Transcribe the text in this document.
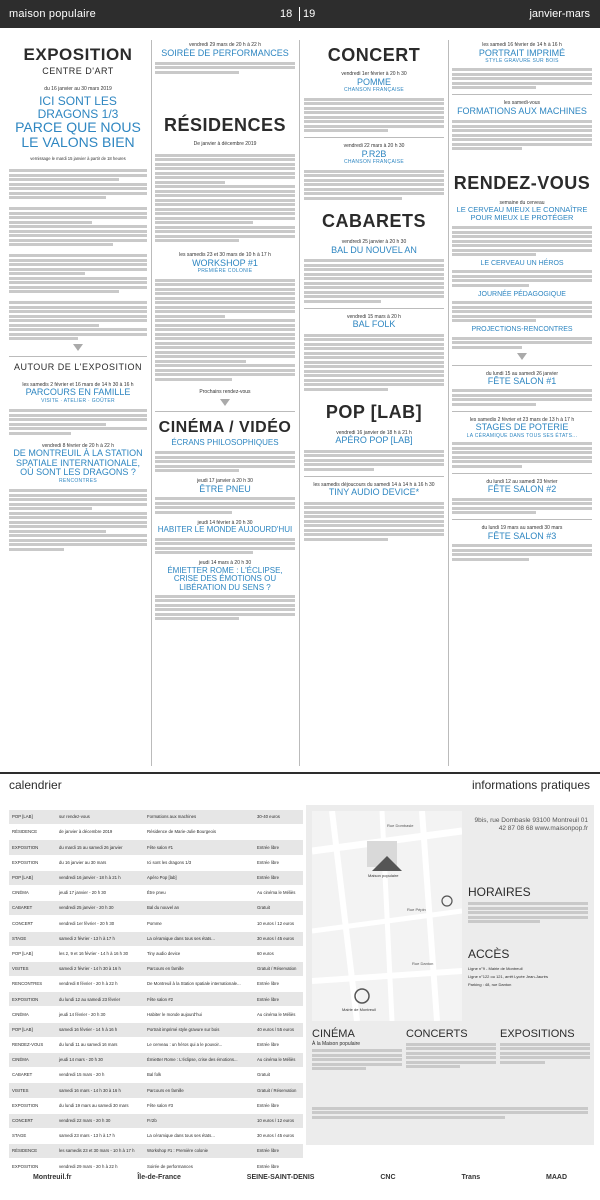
maison populaire	18 19	janvier-mars
EXPOSITION
CENTRE D'ART
du 16 janvier au 30 mars 2019
ICI SONT LES DRAGONS 1/3
PARCE QUE NOUS LE VALONS BIEN
vernissage le mardi 15 janvier à partir de 18 heures
AUTOUR DE L'EXPOSITION
les samedis 2 février et 16 mars de 14 h 30 à 16 h
PARCOURS EN FAMILLE
VISITE · ATELIER · GOÛTER
vendredi 8 février de 20 h à 22 h
DE MONTREUIL À LA STATION SPATIALE INTERNATIONALE, OÙ SONT LES DRAGONS ?
RENCONTRES
vendredi 29 mars de 20 h à 22 h
SOIRÉE DE PERFORMANCES
RÉSIDENCES
De janvier à décembre 2019
les samedis 23 et 30 mars de 10 h à 17 h
WORKSHOP #1
PREMIÈRE COLONIE
Prochains rendez-vous
CINÉMA / VIDÉO
ÉCRANS PHILOSOPHIQUES
jeudi 17 janvier à 20 h 30
ÊTRE PNEU
jeudi 14 février à 20 h 30
HABITER LE MONDE AUJOURD'HUI
jeudi 14 mars à 20 h 30
ÉMIETTER ROME : L'ÉCLIPSE, CRISE DES ÉMOTIONS OU LIBÉRATION DU SENS ?
CONCERT
vendredi 1er février à 20 h 30
POMME
CHANSON FRANÇAISE
vendredi 22 mars à 20 h 30
P.R2B
CHANSON FRANÇAISE
CABARETS
vendredi 25 janvier à 20 h 30
BAL DU NOUVEL AN
vendredi 15 mars à 20 h
BAL FOLK
POP [LAB]
vendredi 16 janvier de 18 h à 21 h
APÉRO POP [LAB]
les samedis déjoucours du samedi 14 à 14 h à 16 h 30
TINY AUDIO DEVICE*
les samedi 16 février de 14 h à 16 h
PORTRAIT IMPRIMÉ
STYLE GRAVURE SUR BOIS
les samedi-vous
FORMATIONS AUX MACHINES
RENDEZ-VOUS
semaine du cerveau
LE CERVEAU MIEUX LE CONNAÎTRE POUR MIEUX LE PROTÉGER
LE CERVEAU UN HÉROS
JOURNÉE PÉDAGOGIQUE
PROJECTIONS-RENCONTRES
du lundi 15 au samedi 26 janvier
FÊTE SALON #1
les samedis 2 février et 23 mars de 13 h à 17 h
STAGES DE POTERIE
LA CÉRAMIQUE DANS TOUS SES ÉTATS...
du lundi 12 au samedi 23 février
FÊTE SALON #2
du lundi 19 mars au samedi 30 mars
FÊTE SALON #3
calendrier	informations pratiques
POP [LAB]	sur rendez-vous	Formations aux machines	30-40 euros
RÉSIDENCE	de janvier à décembre 2019	Résidence de Marie-Julie Bourgeois
EXPOSITION	du mardi 15 au samedi 26 janvier	Fête salon #1	Entrée libre
EXPOSITION	du 16 janvier au 30 mars	Ici sont les dragons 1/3	Entrée libre
POP [LAB]	vendredi 16 janvier - 18 h à 21 h	Apéro Pop [lab]	Entrée libre
CINÉMA	jeudi 17 janvier - 20 h 30	Être pneu	Au cinéma le Méliès
CABARET	vendredi 25 janvier - 20 h 30	Bal du nouvel an	Gratuit
CONCERT	vendredi 1er février - 20 h 30	Pomme	10 euros / 12 euros
STAGE	samedi 2 février - 13 h à 17 h	La céramique dans tous ses états...	30 euros / 45 euros
POP [LAB]	les 2, 9 et 16 février - 14 h à 16 h 30	Tiny audio device	60 euros
VISITES	samedi 2 février - 14 h 30 à 16 h	Parcours en famille	Gratuit / Réservation
RENCONTRES	vendredi 8 février - 20 h à 22 h	De Montreuil à la Station spatiale internationale...	Entrée libre
EXPOSITION	du lundi 12 au samedi 23 février	Fête salon #2	Entrée libre
CINÉMA	jeudi 14 février - 20 h 30	Habiter le monde aujourd'hui	Au cinéma le Méliès
POP [LAB]	samedi 16 février - 14 h à 16 h	Portrait imprimé style gravure sur bois	40 euros / 55 euros
RENDEZ-VOUS	du lundi 11 au samedi 16 mars	Le cerveau : un héros qui a le pouvoir...	Entrée libre
CINÉMA	jeudi 14 mars - 20 h 30	Émietter Rome : L'éclipse, crise des émotions...	Au cinéma le Méliès
CABARET	vendredi 15 mars - 20 h	Bal folk	Gratuit
VISITES	samedi 16 mars - 14 h 30 à 16 h	Parcours en famille	Gratuit / Réservation
EXPOSITION	du lundi 19 mars au samedi 30 mars	Fête salon #3	Entrée libre
CONCERT	vendredi 22 mars - 20 h 30	P.r2b	10 euros / 12 euros
STAGE	samedi 23 mars - 13 h à 17 h	La céramique dans tous ses états...	30 euros / 45 euros
RÉSIDENCE	les samedis 23 et 30 mars - 10 h à 17 h	Workshop #1 : Première colonie	Entrée libre
EXPOSITION	vendredi 29 mars - 20 h à 22 h	Soirée de performances	Entrée libre
Rue Dombasle
Maison populaire
Rue Pépin
Rue Danton
Mairie de Montreuil
9bis, rue Dombasle 93100 Montreuil 01 42 87 08 68 www.maisonpop.fr
HORAIRES
ACCÈS
Ligne n°9 - Mairie de Montreuil
Ligne n°122 ou 121, arrêt Lycée Jean-Jaurès
Parking : 48, rue Danton
CINÉMA
À la Maison populaire
CONCERTS	EXPOSITIONS
Montreuil.fr	Île-de-France	SEINE-SAINT-DENIS	CNC	Trans	MAAD
